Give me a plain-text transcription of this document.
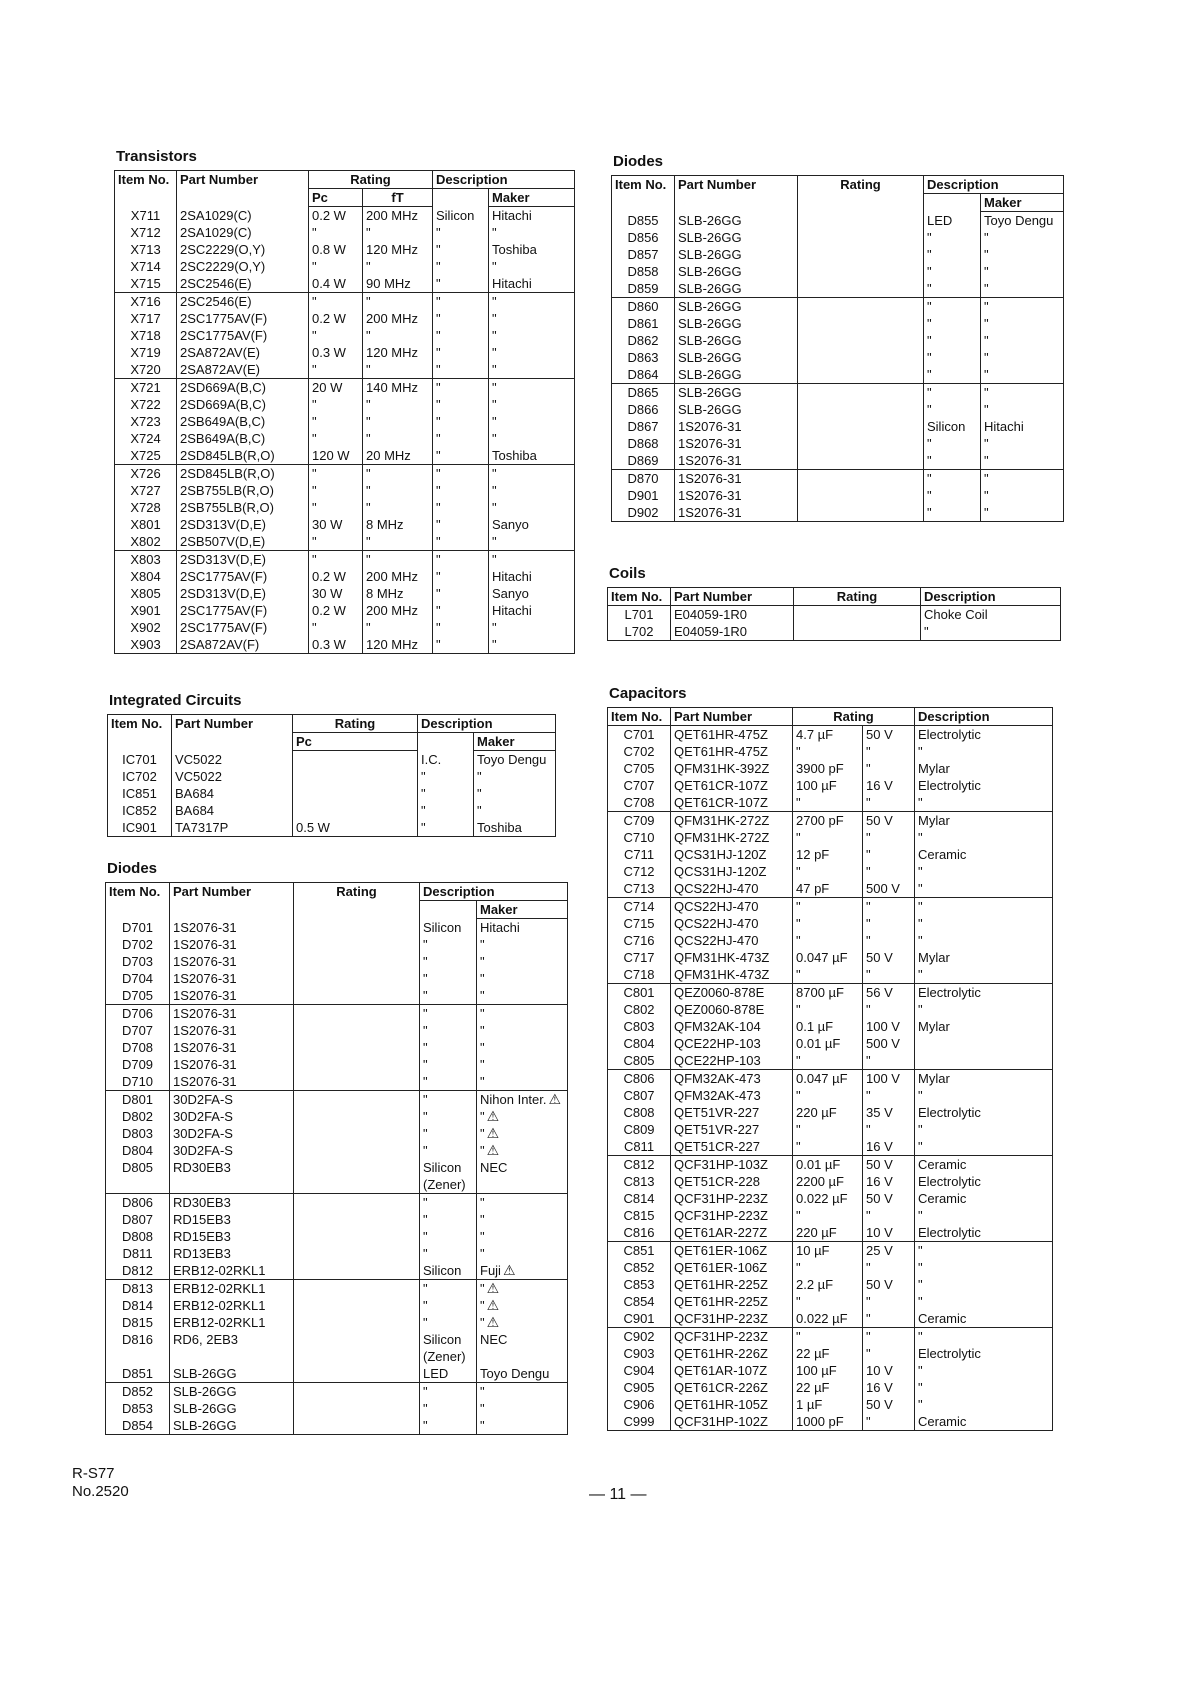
Transistors
Item No.	Part Number	Rating		Description	
		Pc	fT		Maker
X711	2SA1029(C)	0.2 W	200 MHz	Silicon	Hitachi
X712	2SA1029(C)	"	"	"	"
X713	2SC2229(O,Y)	0.8 W	120 MHz	"	Toshiba
X714	2SC2229(O,Y)	"	"	"	"
X715	2SC2546(E)	0.4 W	90 MHz	"	Hitachi
X716	2SC2546(E)	"	"	"	"
X717	2SC1775AV(F)	0.2 W	200 MHz	"	"
X718	2SC1775AV(F)	"	"	"	"
X719	2SA872AV(E)	0.3 W	120 MHz	"	"
X720	2SA872AV(E)	"	"	"	"
X721	2SD669A(B,C)	20 W	140 MHz	"	"
X722	2SD669A(B,C)	"	"	"	"
X723	2SB649A(B,C)	"	"	"	"
X724	2SB649A(B,C)	"	"	"	"
X725	2SD845LB(R,O)	120 W	20 MHz	"	Toshiba
X726	2SD845LB(R,O)	"	"	"	"
X727	2SB755LB(R,O)	"	"	"	"
X728	2SB755LB(R,O)	"	"	"	"
X801	2SD313V(D,E)	30 W	8 MHz	"	Sanyo
X802	2SB507V(D,E)	"	"	"	"
X803	2SD313V(D,E)	"	"	"	"
X804	2SC1775AV(F)	0.2 W	200 MHz	"	Hitachi
X805	2SD313V(D,E)	30 W	8 MHz	"	Sanyo
X901	2SC1775AV(F)	0.2 W	200 MHz	"	Hitachi
X902	2SC1775AV(F)	"	"	"	"
X903	2SA872AV(F)	0.3 W	120 MHz	"	"
Integrated Circuits
Item No.	Part Number	Rating	Description	
		Pc		Maker
IC701	VC5022		I.C.	Toyo Dengu
IC702	VC5022		"	"
IC851	BA684		"	"
IC852	BA684		"	"
IC901	TA7317P	0.5 W	"	Toshiba
Diodes
Item No.	Part Number	Rating	Description	
				Maker
D701	1S2076-31		Silicon	Hitachi
D702	1S2076-31		"	"
D703	1S2076-31		"	"
D704	1S2076-31		"	"
D705	1S2076-31		"	"
D706	1S2076-31		"	"
D707	1S2076-31		"	"
D708	1S2076-31		"	"
D709	1S2076-31		"	"
D710	1S2076-31		"	"
D801	30D2FA-S		"	Nihon Inter. ⚠
D802	30D2FA-S		"	" ⚠
D803	30D2FA-S		"	" ⚠
D804	30D2FA-S		"	" ⚠
D805	RD30EB3		Silicon	NEC
			(Zener)	
D806	RD30EB3		"	"
D807	RD15EB3		"	"
D808	RD15EB3		"	"
D811	RD13EB3		"	"
D812	ERB12-02RKL1		Silicon	Fuji ⚠
D813	ERB12-02RKL1		"	" ⚠
D814	ERB12-02RKL1		"	" ⚠
D815	ERB12-02RKL1		"	" ⚠
D816	RD6, 2EB3		Silicon	NEC
			(Zener)	
D851	SLB-26GG		LED	Toyo Dengu
D852	SLB-26GG		"	"
D853	SLB-26GG		"	"
D854	SLB-26GG		"	"
Diodes
Item No.	Part Number	Rating	Description	
				Maker
D855	SLB-26GG		LED	Toyo Dengu
D856	SLB-26GG		"	"
D857	SLB-26GG		"	"
D858	SLB-26GG		"	"
D859	SLB-26GG		"	"
D860	SLB-26GG		"	"
D861	SLB-26GG		"	"
D862	SLB-26GG		"	"
D863	SLB-26GG		"	"
D864	SLB-26GG		"	"
D865	SLB-26GG		"	"
D866	SLB-26GG		"	"
D867	1S2076-31		Silicon	Hitachi
D868	1S2076-31		"	"
D869	1S2076-31		"	"
D870	1S2076-31		"	"
D901	1S2076-31		"	"
D902	1S2076-31		"	"
Coils
Item No.	Part Number	Rating	Description
L701	E04059-1R0		Choke Coil
L702	E04059-1R0		"
Capacitors
Item No.	Part Number	Rating		Description
C701	QET61HR-475Z	4.7 µF	50 V	Electrolytic
C702	QET61HR-475Z	"	"	"
C705	QFM31HK-392Z	3900 pF	"	Mylar
C707	QET61CR-107Z	100 µF	16 V	Electrolytic
C708	QET61CR-107Z	"	"	"
C709	QFM31HK-272Z	2700 pF	50 V	Mylar
C710	QFM31HK-272Z	"	"	"
C711	QCS31HJ-120Z	12 pF	"	Ceramic
C712	QCS31HJ-120Z	"	"	"
C713	QCS22HJ-470	47 pF	500 V	"
C714	QCS22HJ-470	"	"	"
C715	QCS22HJ-470	"	"	"
C716	QCS22HJ-470	"	"	"
C717	QFM31HK-473Z	0.047 µF	50 V	Mylar
C718	QFM31HK-473Z	"	"	"
C801	QEZ0060-878E	8700 µF	56 V	Electrolytic
C802	QEZ0060-878E	"	"	"
C803	QFM32AK-104	0.1 µF	100 V	Mylar
C804	QCE22HP-103	0.01 µF	500 V	
C805	QCE22HP-103	"	"	
C806	QFM32AK-473	0.047 µF	100 V	Mylar
C807	QFM32AK-473	"	"	"
C808	QET51VR-227	220 µF	35 V	Electrolytic
C809	QET51VR-227	"	"	"
C811	QET51CR-227	"	16 V	"
C812	QCF31HP-103Z	0.01 µF	50 V	Ceramic
C813	QET51CR-228	2200 µF	16 V	Electrolytic
C814	QCF31HP-223Z	0.022 µF	50 V	Ceramic
C815	QCF31HP-223Z	"	"	"
C816	QET61AR-227Z	220 µF	10 V	Electrolytic
C851	QET61ER-106Z	10 µF	25 V	"
C852	QET61ER-106Z	"	"	"
C853	QET61HR-225Z	2.2 µF	50 V	"
C854	QET61HR-225Z	"	"	"
C901	QCF31HP-223Z	0.022 µF	"	Ceramic
C902	QCF31HP-223Z	"	"	"
C903	QET61HR-226Z	22 µF	"	Electrolytic
C904	QET61AR-107Z	100 µF	10 V	"
C905	QET61CR-226Z	22 µF	16 V	"
C906	QET61HR-105Z	1 µF	50 V	"
C999	QCF31HP-102Z	1000 pF	"	Ceramic
R-S77
No.2520	— 11 —
